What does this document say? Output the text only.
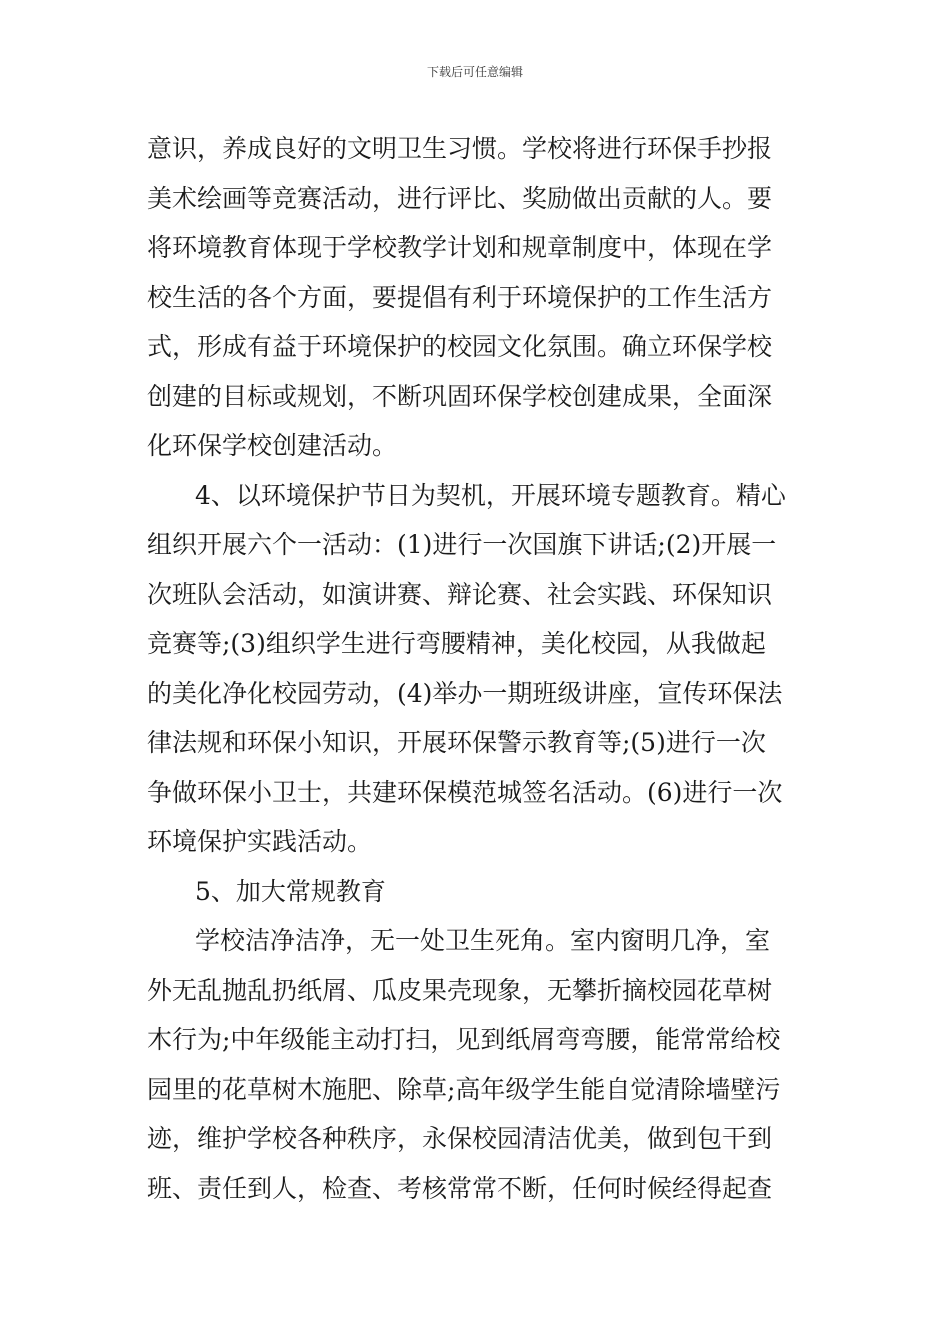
下载后可任意编辑
意识，养成良好的文明卫生习惯。学校将进行环保手抄报
美术绘画等竞赛活动，进行评比、奖励做出贡献的人。要
将环境教育体现于学校教学计划和规章制度中，体现在学
校生活的各个方面，要提倡有利于环境保护的工作生活方
式，形成有益于环境保护的校园文化氛围。确立环保学校
创建的目标或规划，不断巩固环保学校创建成果，全面深
化环保学校创建活动。
4、以环境保护节日为契机，开展环境专题教育。精心
组织开展六个一活动：(1)进行一次国旗下讲话;(2)开展一
次班队会活动，如演讲赛、辩论赛、社会实践、环保知识
竞赛等;(3)组织学生进行弯腰精神，美化校园，从我做起
的美化净化校园劳动，(4)举办一期班级讲座，宣传环保法
律法规和环保小知识，开展环保警示教育等;(5)进行一次
争做环保小卫士，共建环保模范城签名活动。(6)进行一次
环境保护实践活动。
5、加大常规教育
学校洁净洁净，无一处卫生死角。室内窗明几净，室
外无乱抛乱扔纸屑、瓜皮果壳现象，无攀折摘校园花草树
木行为;中年级能主动打扫，见到纸屑弯弯腰，能常常给校
园里的花草树木施肥、除草;高年级学生能自觉清除墙壁污
迹，维护学校各种秩序，永保校园清洁优美，做到包干到
班、责任到人，检查、考核常常不断，任何时候经得起查
